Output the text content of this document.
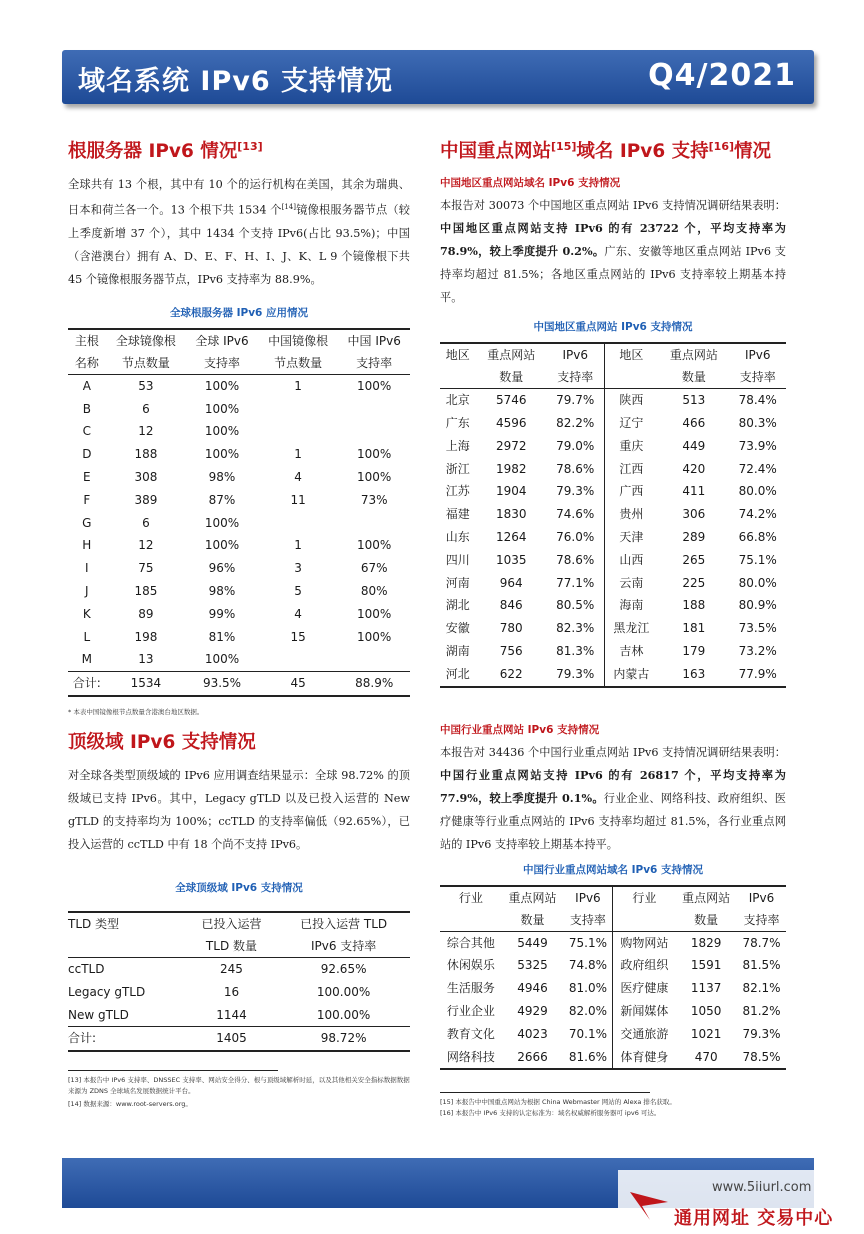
域名系统 IPv6 支持情况	Q4/2021
根服务器 IPv6 情况[13]

全球共有 13 个根，其中有 10 个的运行机构在美国，其余为瑞典、日本和荷兰各一个。13 个根下共 1534 个[14]镜像根服务器节点（较上季度新增 37 个），其中 1434 个支持 IPv6(占比 93.5%)；中国（含港澳台）拥有 A、D、E、F、H、I、J、K、L 9 个镜像根下共 45 个镜像根服务器节点，IPv6 支持率为 88.9%。

全球根服务器 IPv6 应用情况
主根	全球镜像根	全球 IPv6	中国镜像根	中国 IPv6
名称	节点数量	支持率	节点数量	支持率
A	53	100%	1	100%
B	6	100%		
C	12	100%		
D	188	100%	1	100%
E	308	98%	4	100%
F	389	87%	11	73%
G	6	100%		
H	12	100%	1	100%
I	75	96%	3	67%
J	185	98%	5	80%
K	89	99%	4	100%
L	198	81%	15	100%
M	13	100%		
合计:	1534	93.5%	45	88.9%
* 本表中国镜像根节点数量含港澳台地区数据。
顶级域 IPv6 支持情况

对全球各类型顶级域的 IPv6 应用调查结果显示：全球 98.72% 的顶级域已支持 IPv6。其中，Legacy gTLD 以及已投入运营的 New gTLD 的支持率均为 100%；ccTLD 的支持率偏低（92.65%），已投入运营的 ccTLD 中有 18 个尚不支持 IPv6。

全球顶级域 IPv6 支持情况
TLD 类型	已投入运营	已投入运营 TLD
	TLD 数量	IPv6 支持率
ccTLD	245	92.65%
Legacy gTLD	16	100.00%
New gTLD	1144	100.00%
合计:	1405	98.72%
[13] 本报告中 IPv6 支持率、DNSSEC 支持率、网站安全得分、根与顶级域解析时延，以及其他相关安全指标数据数据来源为 ZDNS 全球域名发展数据统计平台。
[14] 数据来源：www.root-servers.org。
中国重点网站[15]域名 IPv6 支持[16]情况
中国地区重点网站域名 IPv6 支持情况

本报告对 30073 个中国地区重点网站 IPv6 支持情况调研结果表明：中国地区重点网站支持 IPv6 的有 23722 个，平均支持率为 78.9%，较上季度提升 0.2%。广东、安徽等地区重点网站 IPv6 支持率均超过 81.5%；各地区重点网站的 IPv6 支持率较上期基本持平。

中国地区重点网站 IPv6 支持情况
地区	重点网站	IPv6	地区	重点网站	IPv6
	数量	支持率		数量	支持率
北京	5746	79.7%	陕西	513	78.4%
广东	4596	82.2%	辽宁	466	80.3%
上海	2972	79.0%	重庆	449	73.9%
浙江	1982	78.6%	江西	420	72.4%
江苏	1904	79.3%	广西	411	80.0%
福建	1830	74.6%	贵州	306	74.2%
山东	1264	76.0%	天津	289	66.8%
四川	1035	78.6%	山西	265	75.1%
河南	964	77.1%	云南	225	80.0%
湖北	846	80.5%	海南	188	80.9%
安徽	780	82.3%	黑龙江	181	73.5%
湖南	756	81.3%	吉林	179	73.2%
河北	622	79.3%	内蒙古	163	77.9%
中国行业重点网站 IPv6 支持情况

本报告对 34436 个中国行业重点网站 IPv6 支持情况调研结果表明：中国行业重点网站支持 IPv6 的有 26817 个，平均支持率为 77.9%，较上季度提升 0.1%。行业企业、网络科技、政府组织、医疗健康等行业重点网站的 IPv6 支持率均超过 81.5%，各行业重点网站的 IPv6 支持率较上期基本持平。

中国行业重点网站域名 IPv6 支持情况
行业	重点网站	IPv6	行业	重点网站	IPv6
	数量	支持率		数量	支持率
综合其他	5449	75.1%	购物网站	1829	78.7%
休闲娱乐	5325	74.8%	政府组织	1591	81.5%
生活服务	4946	81.0%	医疗健康	1137	82.1%
行业企业	4929	82.0%	新闻媒体	1050	81.2%
教育文化	4023	70.1%	交通旅游	1021	79.3%
网络科技	2666	81.6%	体育健身	470	78.5%
[15] 本报告中中国重点网站为根据 China Webmaster 网站的 Alexa 排名获取。
[16] 本报告中 IPv6 支持的认定标准为：域名权威解析服务器可 ipv6 可达。
www.5iiurl.com
通用网址 交易中心
